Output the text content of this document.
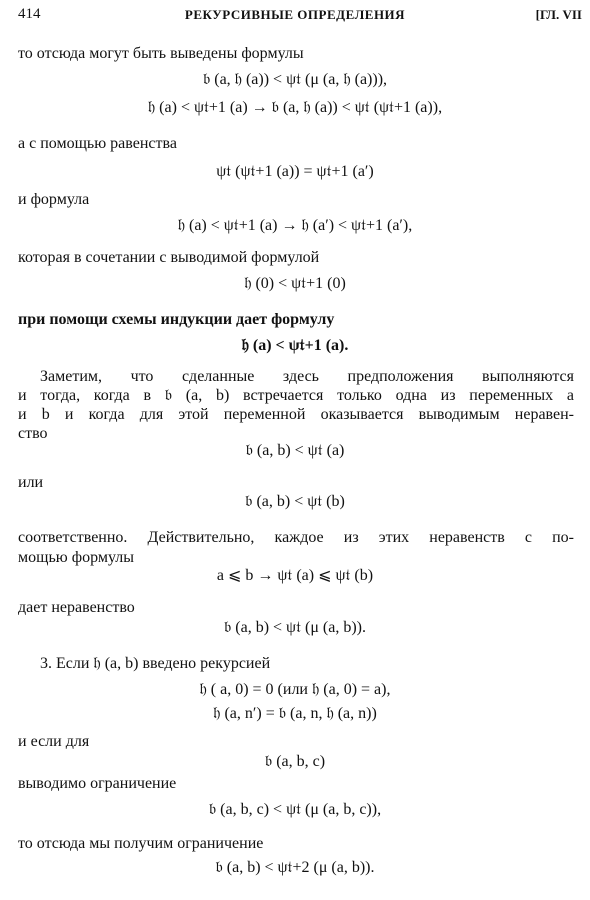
414	РЕКУРСИВНЫЕ ОПРЕДЕЛЕНИЯ	[ГЛ. VII
то отсюда могут быть выведены формулы
𝔟 (a, 𝔥 (a)) < ψ𝔱 (μ (a, 𝔥 (a))),
𝔥 (a) < ψ𝔱+1 (a) → 𝔟 (a, 𝔥 (a)) < ψ𝔱 (ψ𝔱+1 (a)),
а с помощью равенства
ψ𝔱 (ψ𝔱+1 (a)) = ψ𝔱+1 (a′)
и формула
𝔥 (a) < ψ𝔱+1 (a) → 𝔥 (a′) < ψ𝔱+1 (a′),
которая в сочетании с выводимой формулой
𝔥 (0) < ψ𝔱+1 (0)
при помощи схемы индукции дает формулу
𝔥 (a) < ψ𝔱+1 (a).
Заметим, что сделанные здесь предположения выполняются
и тогда, когда в 𝔟 (a, b) встречается только одна из переменных a
и b и когда для этой переменной оказывается выводимым неравен-
ство
𝔟 (a, b) < ψ𝔱 (a)
или
𝔟 (a, b) < ψ𝔱 (b)
соответственно. Действительно, каждое из этих неравенств с по-
мощью формулы
a ⩽ b → ψ𝔱 (a) ⩽ ψ𝔱 (b)
дает неравенство
𝔟 (a, b) < ψ𝔱 (μ (a, b)).
3. Если 𝔥 (a, b) введено рекурсией
𝔥 ( a, 0) = 0 (или 𝔥 (a, 0) = a),
𝔥 (a, n′) = 𝔟 (a, n, 𝔥 (a, n))
и если для
𝔟 (a, b, c)
выводимо ограничение
𝔟 (a, b, c) < ψ𝔱 (μ (a, b, c)),
то отсюда мы получим ограничение
𝔟 (a, b) < ψ𝔱+2 (μ (a, b)).
